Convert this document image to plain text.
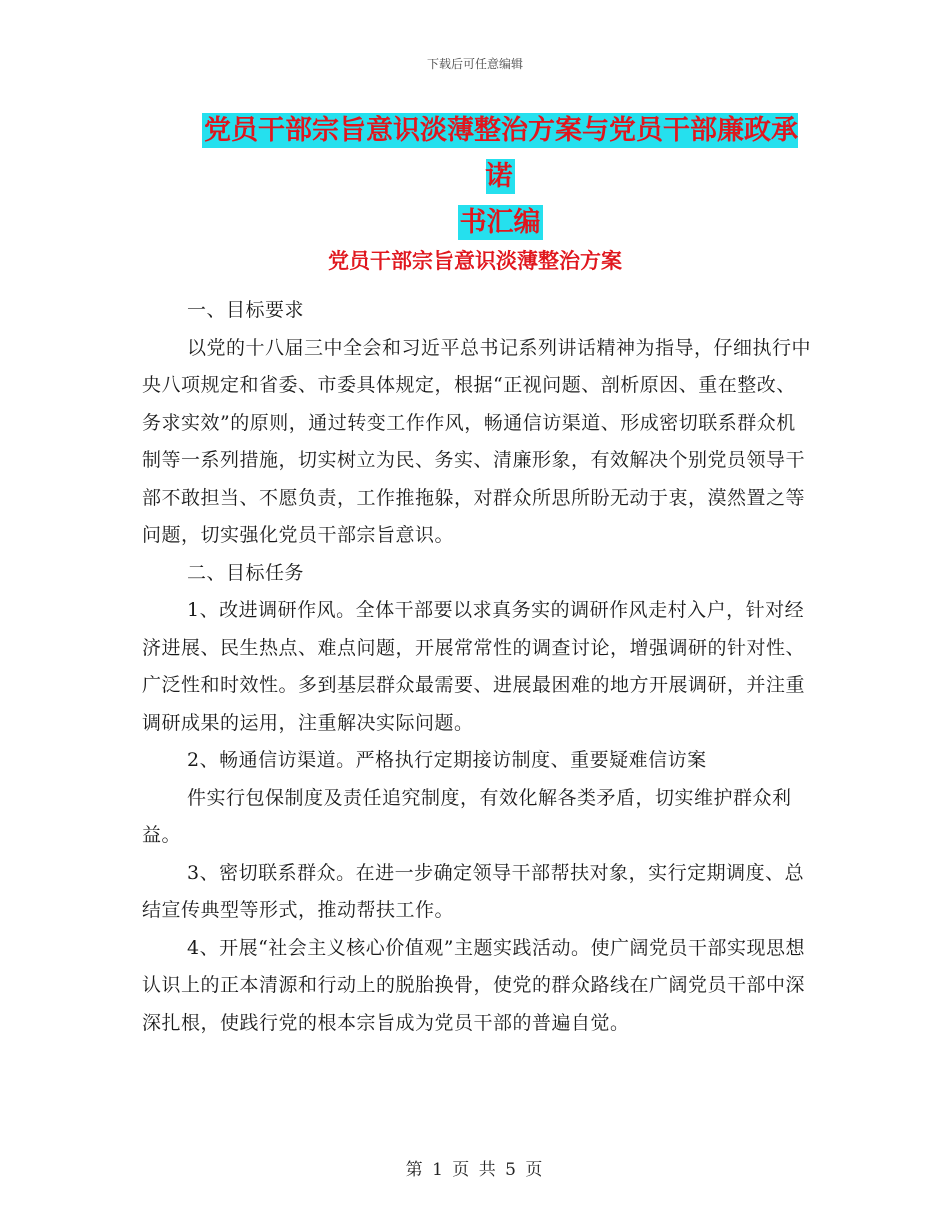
下载后可任意编辑
党员干部宗旨意识淡薄整治方案与党员干部廉政承诺
书汇编
党员干部宗旨意识淡薄整治方案

一、目标要求

以党的十八届三中全会和习近平总书记系列讲话精神为指导，仔细执行中央八项规定和省委、市委具体规定，根据“正视问题、剖析原因、重在整改、务求实效”的原则，通过转变工作作风，畅通信访渠道、形成密切联系群众机制等一系列措施，切实树立为民、务实、清廉形象，有效解决个别党员领导干部不敢担当、不愿负责，工作推拖躲，对群众所思所盼无动于衷，漠然置之等问题，切实强化党员干部宗旨意识。

二、目标任务

1、改进调研作风。全体干部要以求真务实的调研作风走村入户，针对经济进展、民生热点、难点问题，开展常常性的调查讨论，增强调研的针对性、广泛性和时效性。多到基层群众最需要、进展最困难的地方开展调研，并注重调研成果的运用，注重解决实际问题。

2、畅通信访渠道。严格执行定期接访制度、重要疑难信访案

件实行包保制度及责任追究制度，有效化解各类矛盾，切实维护群众利益。

3、密切联系群众。在进一步确定领导干部帮扶对象，实行定期调度、总结宣传典型等形式，推动帮扶工作。

4、开展“社会主义核心价值观”主题实践活动。使广阔党员干部实现思想认识上的正本清源和行动上的脱胎换骨，使党的群众路线在广阔党员干部中深深扎根，使践行党的根本宗旨成为党员干部的普遍自觉。

第 1 页 共 5 页
